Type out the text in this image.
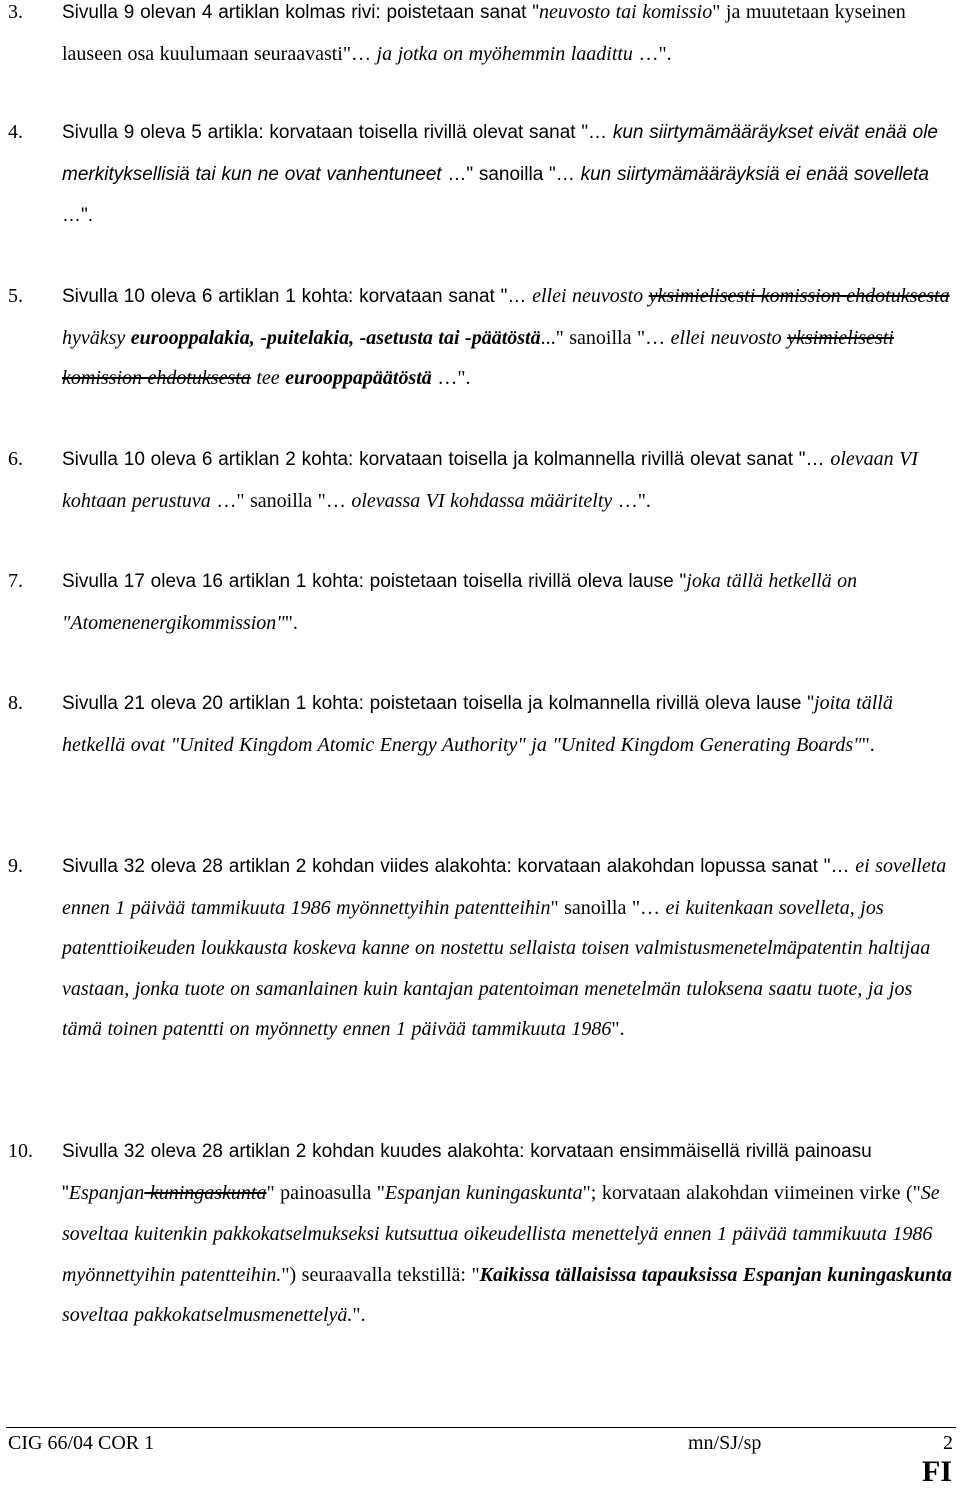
3. Sivulla 9 olevan 4 artiklan kolmas rivi: poistetaan sanat "neuvosto tai komissio" ja muutetaan kyseinen lauseen osa kuulumaan seuraavasti"… ja jotka on myöhemmin laadittu …".
4. Sivulla 9 oleva 5 artikla: korvataan toisella rivillä olevat sanat "… kun siirtymämääräykset eivät enää ole merkityksellisiä tai kun ne ovat vanhentuneet …" sanoilla "… kun siirtymämääräyksiä ei enää sovelleta …".
5. Sivulla 10 oleva 6 artiklan 1 kohta: korvataan sanat "… ellei neuvosto yksimielisesti komission ehdotuksesta hyväksy eurooppalakia, -puitelakia, -asetusta tai -päätöstä..." sanoilla "… ellei neuvosto yksimielisesti komission ehdotuksesta tee eurooppapäätöstä …".
6. Sivulla 10 oleva 6 artiklan 2 kohta: korvataan toisella ja kolmannella rivillä olevat sanat "… olevaan VI kohtaan perustuva …" sanoilla "… olevassa VI kohdassa määritelty …".
7. Sivulla 17 oleva 16 artiklan 1 kohta: poistetaan toisella rivillä oleva lause "joka tällä hetkellä on "Atomenenergikommission"".
8. Sivulla 21 oleva 20 artiklan 1 kohta: poistetaan toisella ja kolmannella rivillä oleva lause "joita tällä hetkellä ovat "United Kingdom Atomic Energy Authority" ja "United Kingdom Generating Boards"".
9. Sivulla 32 oleva 28 artiklan 2 kohdan viides alakohta: korvataan alakohdan lopussa sanat "… ei sovelleta ennen 1 päivää tammikuuta 1986 myönnettyihin patentteihin" sanoilla "… ei kuitenkaan sovelleta, jos patenttioikeuden loukkausta koskeva kanne on nostettu sellaista toisen valmistusmenetelmäpatentin haltijaa vastaan, jonka tuote on samanlainen kuin kantajan patentoiman menetelmän tuloksena saatu tuote, ja jos tämä toinen patentti on myönnetty ennen 1 päivää tammikuuta 1986".
10. Sivulla 32 oleva 28 artiklan 2 kohdan kuudes alakohta: korvataan ensimmäisellä rivillä painoasu "Espanjan kuningaskunta" painoasulla "Espanjan kuningaskunta"; korvataan alakohdan viimeinen virke ("Se soveltaa kuitenkin pakkokatselmukseksi kutsuttua oikeudellista menettelyä ennen 1 päivää tammikuuta 1986 myönnettyihin patentteihin.") seuraavalla tekstillä: "Kaikissa tällaisissa tapauksissa Espanjan kuningaskunta soveltaa pakkokatselmusmenettelyä.".
CIG 66/04 COR 1	mn/SJ/sp	2
FI
